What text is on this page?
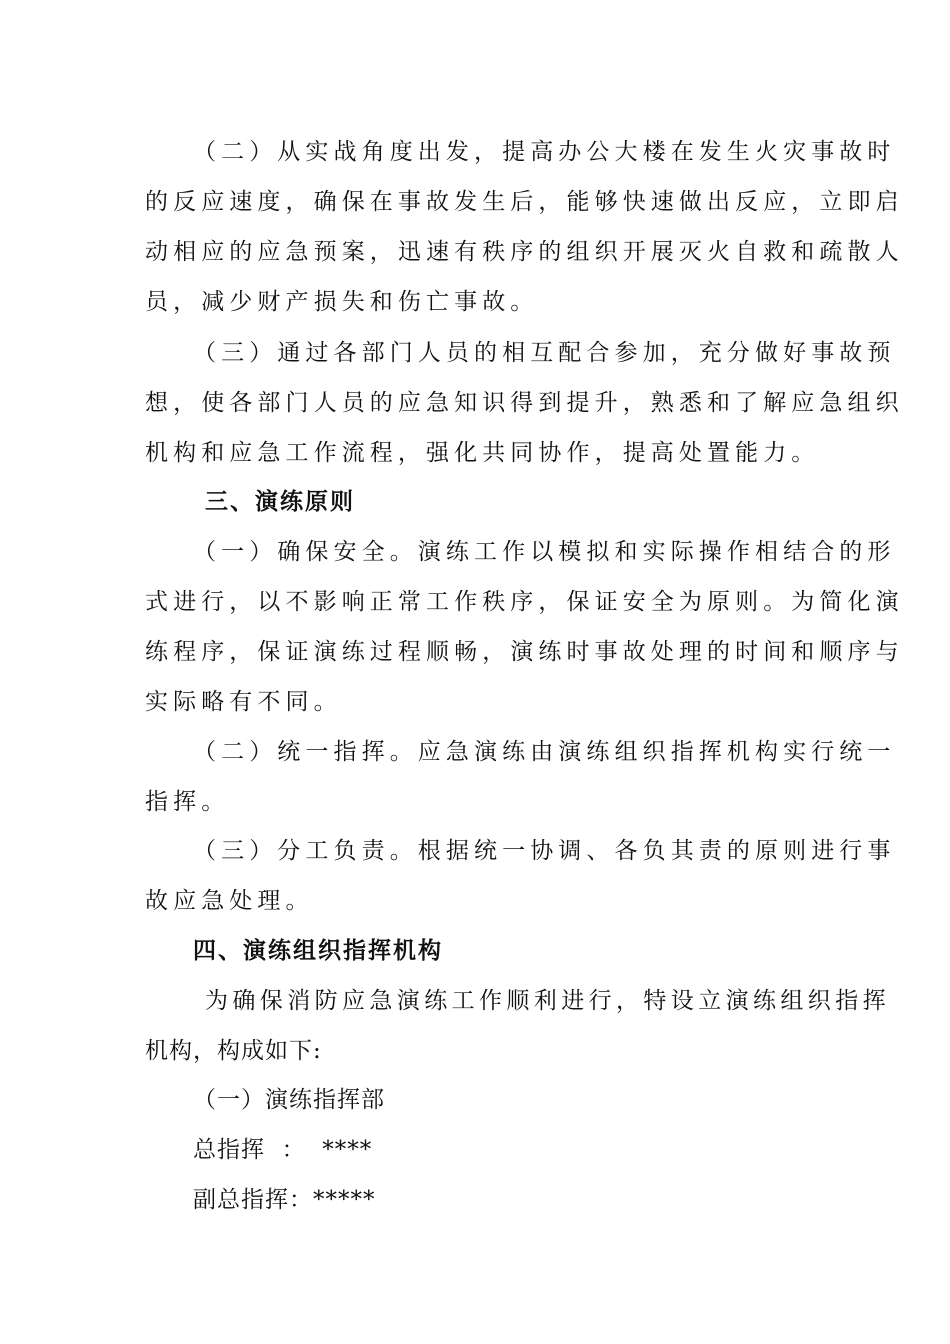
（二）从实战角度出发，提高办公大楼在发生火灾事故时
的反应速度，确保在事故发生后，能够快速做出反应，立即启
动相应的应急预案，迅速有秩序的组织开展灭火自救和疏散人
员，减少财产损失和伤亡事故。
（三）通过各部门人员的相互配合参加，充分做好事故预
想，使各部门人员的应急知识得到提升，熟悉和了解应急组织
机构和应急工作流程，强化共同协作，提高处置能力。
三、演练原则
（一）确保安全。演练工作以模拟和实际操作相结合的形
式进行，以不影响正常工作秩序，保证安全为原则。为简化演
练程序，保证演练过程顺畅，演练时事故处理的时间和顺序与
实际略有不同。
（二）统一指挥。应急演练由演练组织指挥机构实行统一
指挥。
（三）分工负责。根据统一协调、各负其责的原则进行事
故应急处理。
四、演练组织指挥机构
为确保消防应急演练工作顺利进行，特设立演练组织指挥
机构，构成如下:
（一）演练指挥部
总指挥  ：  ****
副总指挥：*****
